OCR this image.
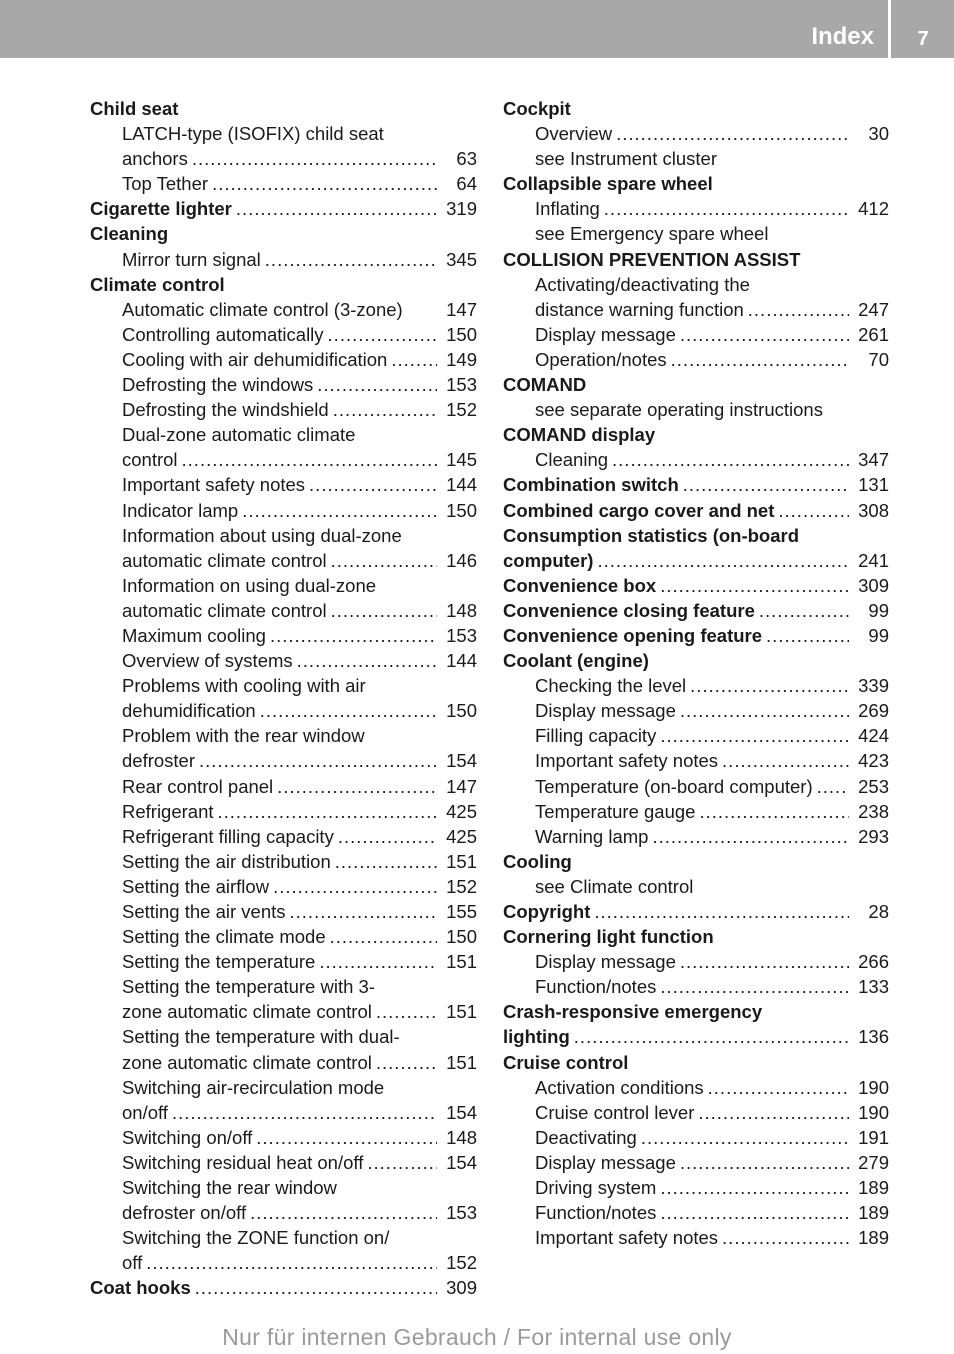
Index	7
Child seat
LATCH-type (ISOFIX) child seat
anchors .....	63
Top Tether .....	64
Cigarette lighter .....	319
Cleaning
Mirror turn signal .....	345
Climate control
Automatic climate control (3-zone) 147
Controlling automatically .....	150
Cooling with air dehumidification .....	149
Defrosting the windows .....	153
Defrosting the windshield .....	152
Dual-zone automatic climate
control .....	145
Important safety notes .....	144
Indicator lamp .....	150
Information about using dual-zone
automatic climate control .....	146
Information on using dual-zone
automatic climate control .....	148
Maximum cooling .....	153
Overview of systems .....	144
Problems with cooling with air
dehumidification .....	150
Problem with the rear window
defroster .....	154
Rear control panel .....	147
Refrigerant .....	425
Refrigerant filling capacity .....	425
Setting the air distribution .....	151
Setting the airflow .....	152
Setting the air vents .....	155
Setting the climate mode .....	150
Setting the temperature .....	151
Setting the temperature with 3-
zone automatic climate control .....	151
Setting the temperature with dual-
zone automatic climate control .....	151
Switching air-recirculation mode
on/off .....	154
Switching on/off .....	148
Switching residual heat on/off .....	154
Switching the rear window
defroster on/off .....	153
Switching the ZONE function on/
off .....	152
Coat hooks .....	309
Cockpit
Overview .....	30
see Instrument cluster
Collapsible spare wheel
Inflating .....	412
see Emergency spare wheel
COLLISION PREVENTION ASSIST
Activating/deactivating the
distance warning function .....	247
Display message .....	261
Operation/notes .....	70
COMAND
see separate operating instructions
COMAND display
Cleaning .....	347
Combination switch .....	131
Combined cargo cover and net .....	308
Consumption statistics (on-board
computer) .....	241
Convenience box .....	309
Convenience closing feature .....	99
Convenience opening feature .....	99
Coolant (engine)
Checking the level .....	339
Display message .....	269
Filling capacity .....	424
Important safety notes .....	423
Temperature (on-board computer) ..... 253
Temperature gauge .....	238
Warning lamp .....	293
Cooling
see Climate control
Copyright .....	28
Cornering light function
Display message .....	266
Function/notes .....	133
Crash-responsive emergency
lighting .....	136
Cruise control
Activation conditions .....	190
Cruise control lever .....	190
Deactivating .....	191
Display message .....	279
Driving system .....	189
Function/notes .....	189
Important safety notes .....	189
Nur für internen Gebrauch / For internal use only
